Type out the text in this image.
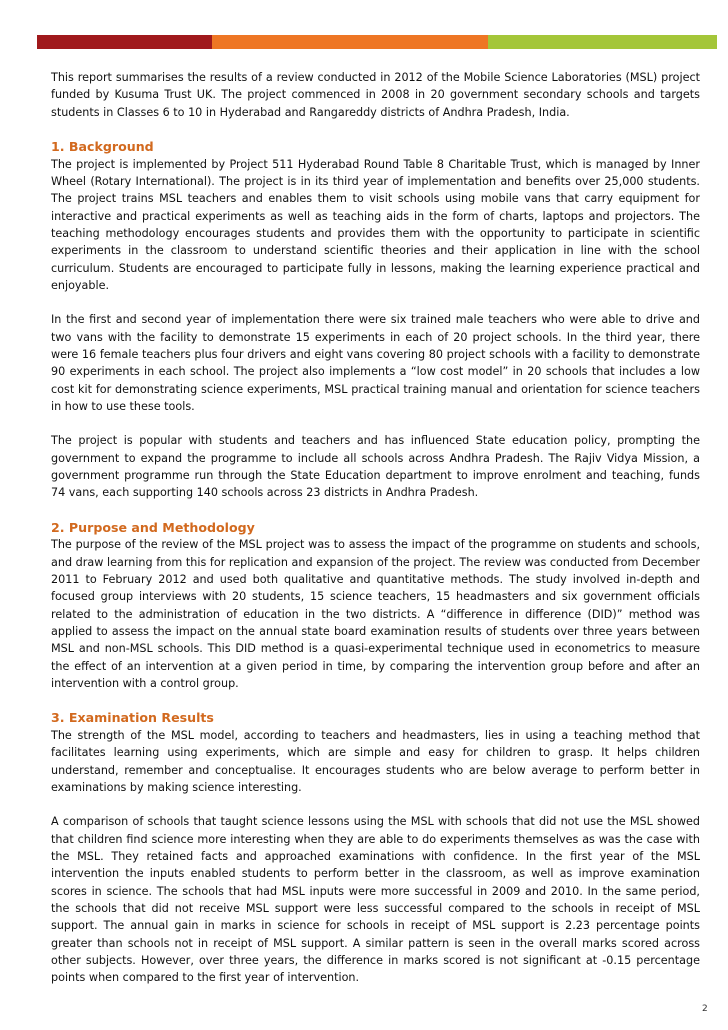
This report summarises the results of a review conducted in 2012 of the Mobile Science Laboratories (MSL) project funded by Kusuma Trust UK. The project commenced in 2008 in 20 government secondary schools and targets students in Classes 6 to 10 in Hyderabad and Rangareddy districts of Andhra Pradesh, India.

1. Background

The project is implemented by Project 511 Hyderabad Round Table 8 Charitable Trust, which is managed by Inner Wheel (Rotary International). The project is in its third year of implementation and benefits over 25,000 students. The project trains MSL teachers and enables them to visit schools using mobile vans that carry equipment for interactive and practical experiments as well as teaching aids in the form of charts, laptops and projectors. The teaching methodology encourages students and provides them with the opportunity to participate in scientific experiments in the classroom to understand scientific theories and their application in line with the school curriculum. Students are encouraged to participate fully in lessons, making the learning experience practical and enjoyable.

In the first and second year of implementation there were six trained male teachers who were able to drive and two vans with the facility to demonstrate 15 experiments in each of 20 project schools. In the third year, there were 16 female teachers plus four drivers and eight vans covering 80 project schools with a facility to demonstrate 90 experiments in each school. The project also implements a “low cost model” in 20 schools that includes a low cost kit for demonstrating science experiments, MSL practical training manual and orientation for science teachers in how to use these tools.

The project is popular with students and teachers and has influenced State education policy, prompting the government to expand the programme to include all schools across Andhra Pradesh. The Rajiv Vidya Mission, a government programme run through the State Education department to improve enrolment and teaching, funds 74 vans, each supporting 140 schools across 23 districts in Andhra Pradesh.

2. Purpose and Methodology

The purpose of the review of the MSL project was to assess the impact of the programme on students and schools, and draw learning from this for replication and expansion of the project. The review was conducted from December 2011 to February 2012 and used both qualitative and quantitative methods. The study involved in-depth and focused group interviews with 20 students, 15 science teachers, 15 headmasters and six government officials related to the administration of education in the two districts. A “difference in difference (DID)” method was applied to assess the impact on the annual state board examination results of students over three years between MSL and non-MSL schools. This DID method is a quasi-experimental technique used in econometrics to measure the effect of an intervention at a given period in time, by comparing the intervention group before and after an intervention with a control group.

3. Examination Results

The strength of the MSL model, according to teachers and headmasters, lies in using a teaching method that facilitates learning using experiments, which are simple and easy for children to grasp. It helps children understand, remember and conceptualise. It encourages students who are below average to perform better in examinations by making science interesting.

A comparison of schools that taught science lessons using the MSL with schools that did not use the MSL showed that children find science more interesting when they are able to do experiments themselves as was the case with the MSL. They retained facts and approached examinations with confidence. In the first year of the MSL intervention the inputs enabled students to perform better in the classroom, as well as improve examination scores in science. The schools that had MSL inputs were more successful in 2009 and 2010. In the same period, the schools that did not receive MSL support were less successful compared to the schools in receipt of MSL support. The annual gain in marks in science for schools in receipt of MSL support is 2.23 percentage points greater than schools not in receipt of MSL support. A similar pattern is seen in the overall marks scored across other subjects. However, over three years, the difference in marks scored is not significant at -0.15 percentage points when compared to the first year of intervention.

2
